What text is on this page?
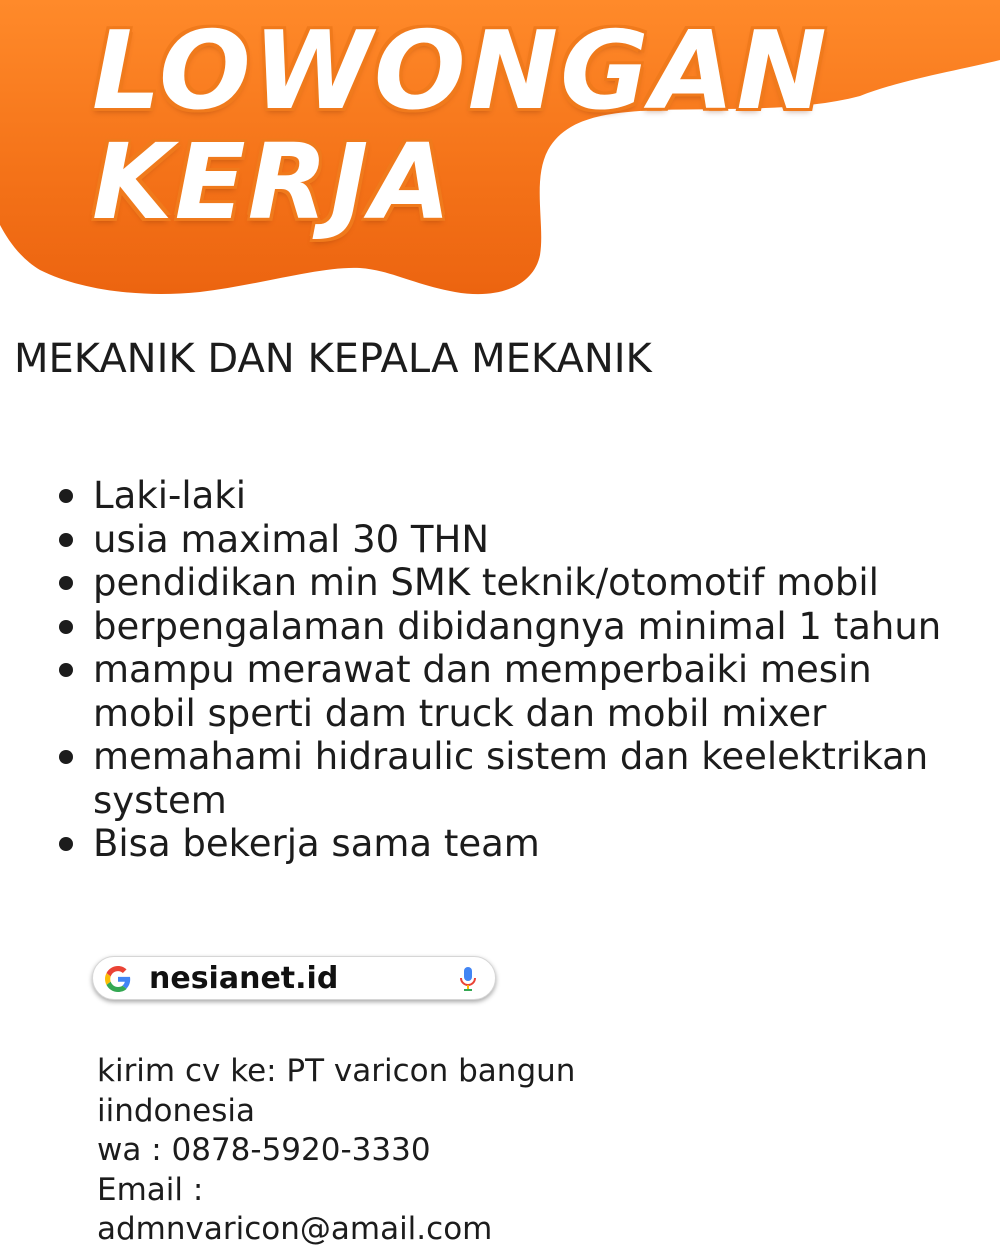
LOWONGAN
KERJA
MEKANIK DAN KEPALA MEKANIK
Laki-laki
usia maximal 30 THN
pendidikan min SMK teknik/otomotif mobil
berpengalaman dibidangnya minimal 1 tahun
mampu merawat dan memperbaiki mesin mobil sperti dam truck dan mobil mixer
memahami hidraulic sistem dan keelektrikan system
Bisa bekerja sama team
nesianet.id
kirim cv ke: PT varicon bangun
iindonesia
wa : 0878-5920-3330
Email :
admnvaricon@amail.com
